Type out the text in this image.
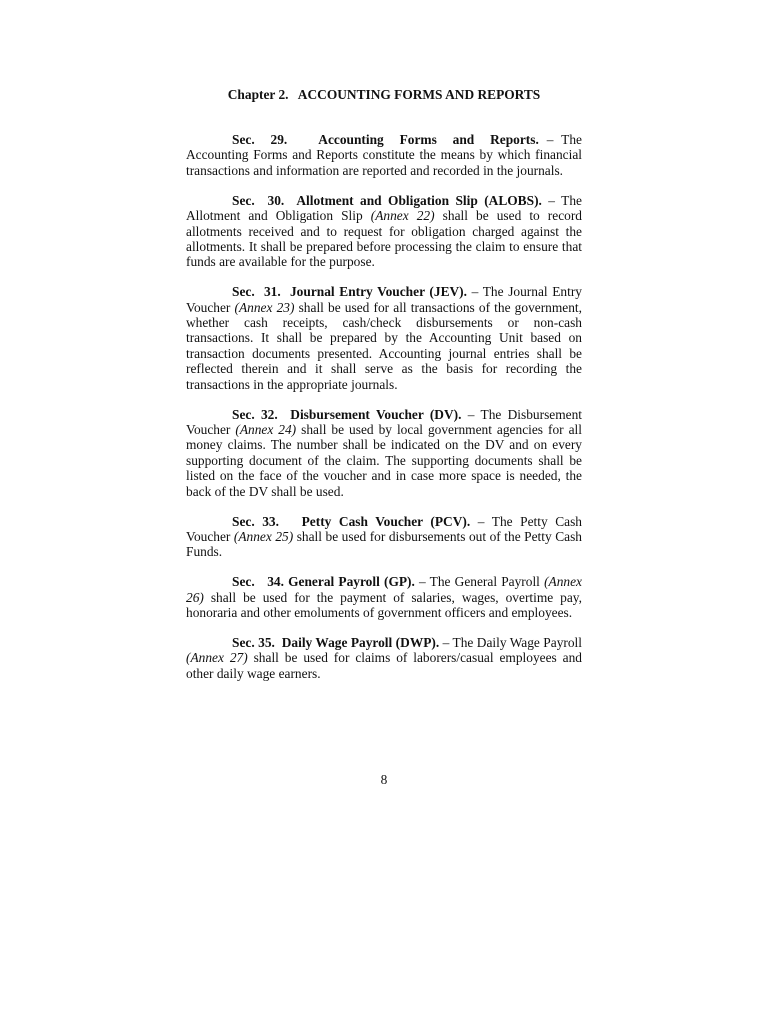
Chapter 2.   ACCOUNTING FORMS AND REPORTS

Sec.  29.    Accounting  Forms  and  Reports. – The Accounting Forms and Reports constitute the means by which financial transactions and information are reported and recorded in the journals.

Sec.  30.  Allotment and Obligation Slip (ALOBS). – The Allotment and Obligation Slip (Annex 22) shall be used to record allotments received and to request for obligation charged against the allotments. It shall be prepared before processing the claim to ensure that funds are available for the purpose.

Sec.  31.  Journal Entry Voucher (JEV). – The Journal Entry Voucher (Annex 23) shall be used for all transactions of the government, whether cash receipts, cash/check disbursements or non-cash transactions. It shall be prepared by the Accounting Unit based on transaction documents presented. Accounting journal entries shall be reflected therein and it shall serve as the basis for recording the transactions in the appropriate journals.

Sec. 32.  Disbursement Voucher (DV). – The Disbursement Voucher (Annex 24) shall be used by local government agencies for all money claims. The number shall be indicated on the DV and on every supporting document of the claim. The supporting documents shall be listed on the face of the voucher and in case more space is needed, the back of the DV shall be used.

Sec. 33.   Petty Cash Voucher (PCV). – The Petty Cash Voucher (Annex 25) shall be used for disbursements out of the Petty Cash Funds.

Sec.   34. General Payroll (GP). – The General Payroll (Annex 26) shall be used for the payment of salaries, wages, overtime pay, honoraria and other emoluments of government officers and employees.

Sec. 35.  Daily Wage Payroll (DWP). – The Daily Wage Payroll (Annex 27) shall be used for claims of laborers/casual employees and other daily wage earners.

8
